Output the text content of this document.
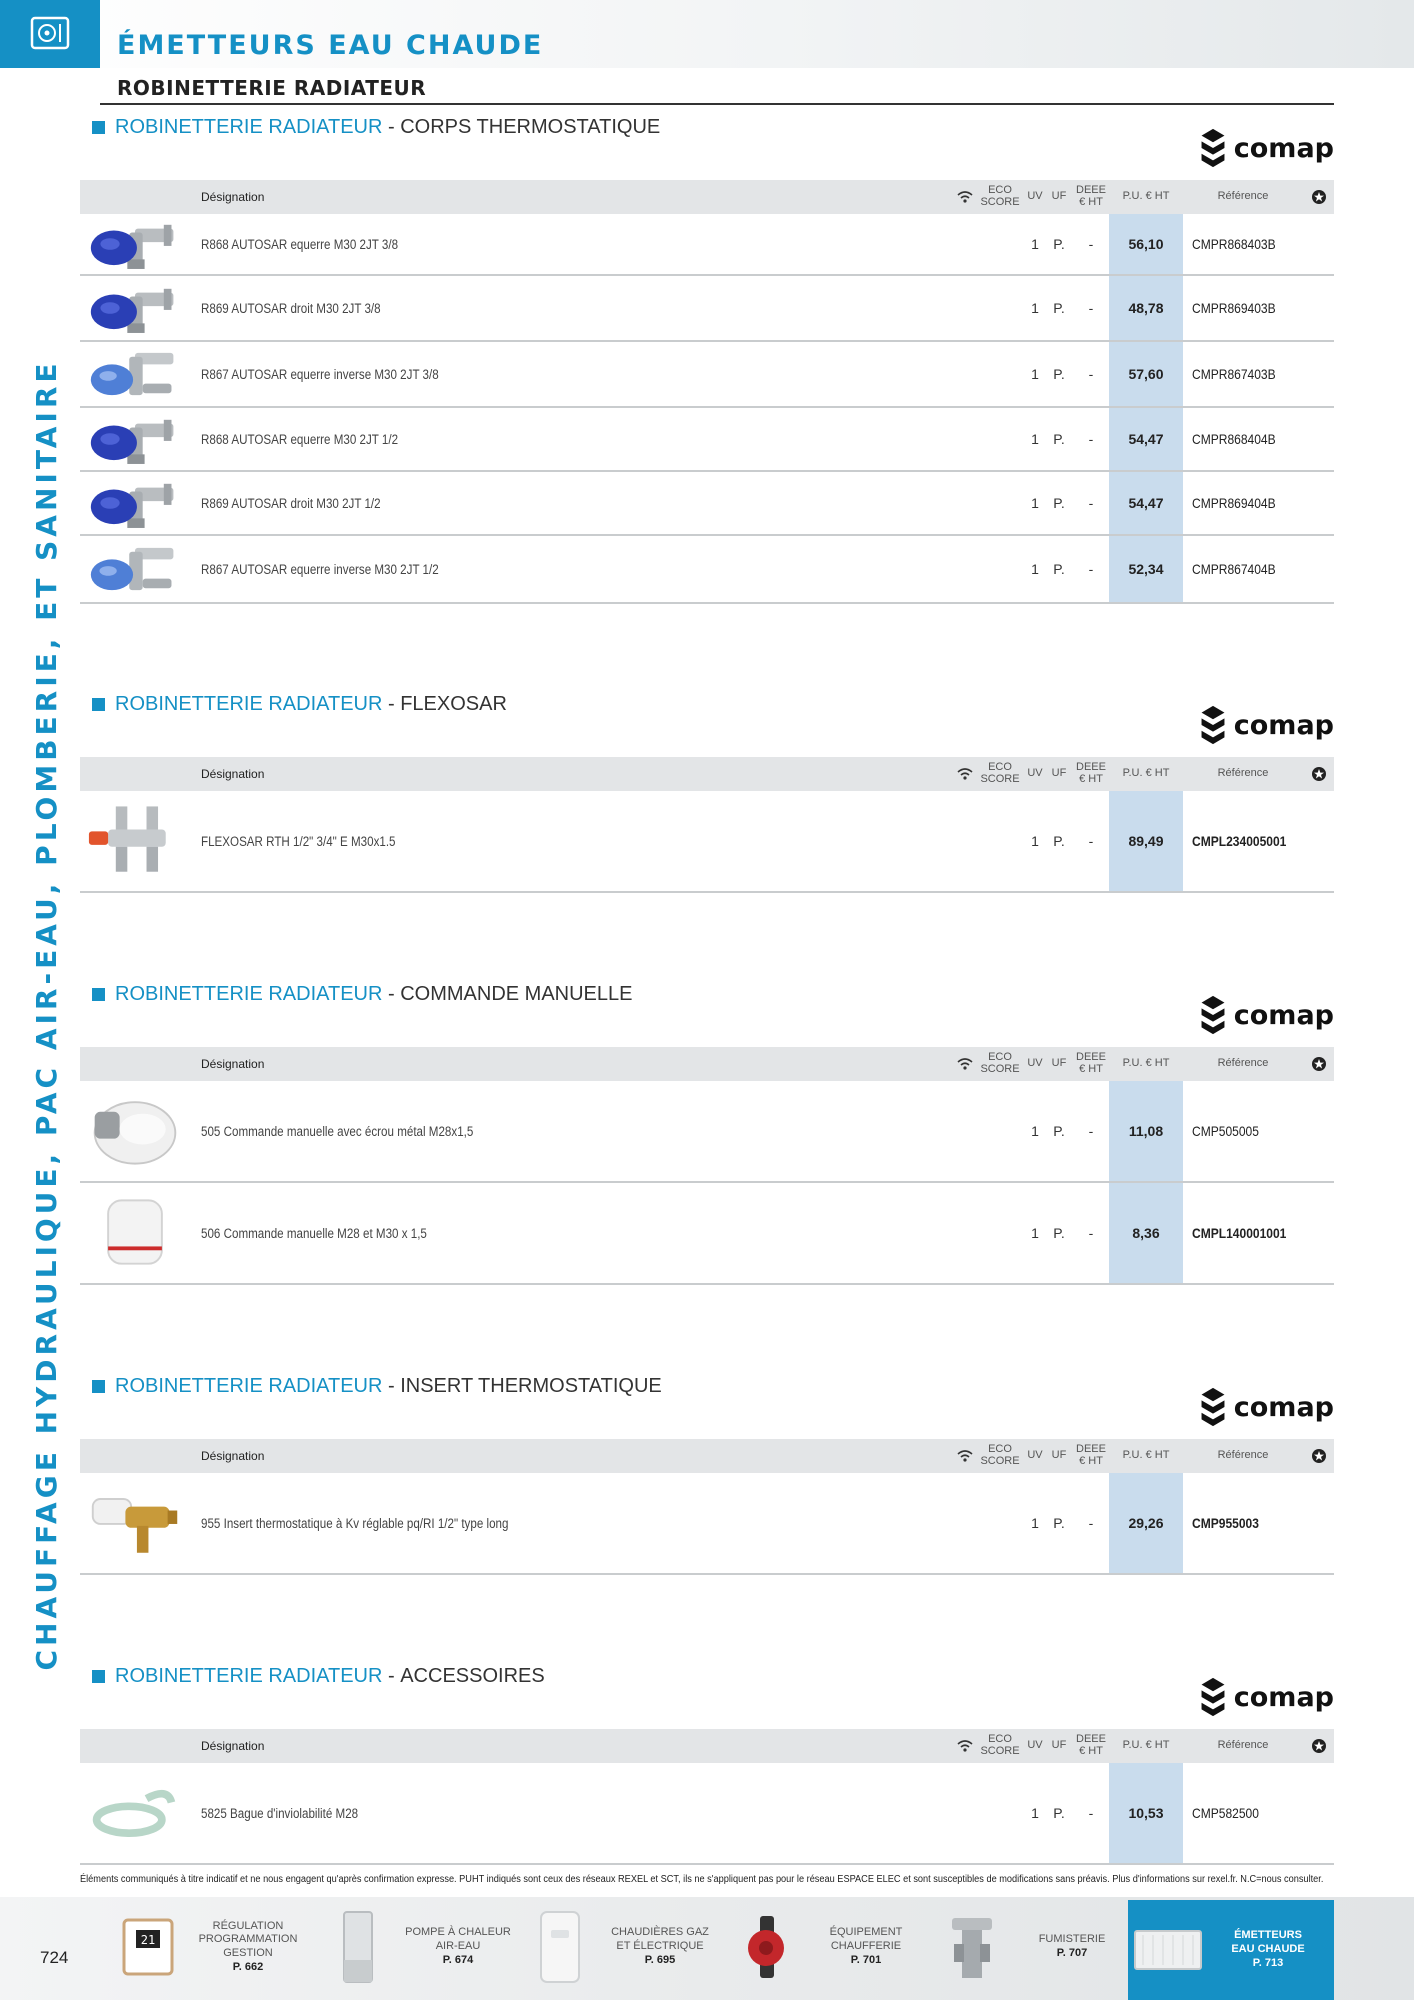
ÉMETTEURS EAU CHAUDE
ROBINETTERIE RADIATEUR
CHAUFFAGE HYDRAULIQUE, PAC AIR-EAU, PLOMBERIE, ET SANITAIRE
ROBINETTERIE RADIATEUR - CORPS THERMOSTATIQUE
comap
Désignation	ECO
SCORE UV UF DEEE
€ HT	P.U. € HT	Référence
R868 AUTOSAR equerre M30 2JT 3/8	1	P.	-	56,10	CMPR868403B
R869 AUTOSAR droit M30 2JT 3/8	1	P.	-	48,78	CMPR869403B
R867 AUTOSAR equerre inverse M30 2JT 3/8	1	P.	-	57,60	CMPR867403B
R868 AUTOSAR equerre M30 2JT 1/2	1	P.	-	54,47	CMPR868404B
R869 AUTOSAR droit M30 2JT 1/2	1	P.	-	54,47	CMPR869404B
R867 AUTOSAR equerre inverse M30 2JT 1/2	1	P.	-	52,34	CMPR867404B
ROBINETTERIE RADIATEUR - FLEXOSAR
comap
Désignation	ECO
SCORE UV UF DEEE
€ HT	P.U. € HT	Référence
FLEXOSAR RTH 1/2" 3/4" E M30x1.5	1	P.	-	89,49	CMPL234005001
ROBINETTERIE RADIATEUR - COMMANDE MANUELLE
comap
Désignation	ECO
SCORE UV UF DEEE
€ HT	P.U. € HT	Référence
505 Commande manuelle avec écrou métal M28x1,5	1	P.	-	11,08	CMP505005
506 Commande manuelle M28 et M30 x 1,5	1	P.	-	8,36	CMPL140001001
ROBINETTERIE RADIATEUR - INSERT THERMOSTATIQUE
comap
Désignation	ECO
SCORE UV UF DEEE
€ HT	P.U. € HT	Référence
955 Insert thermostatique à Kv réglable pq/RI 1/2" type long	1	P.	-	29,26	CMP955003
ROBINETTERIE RADIATEUR - ACCESSOIRES
comap
Désignation	ECO
SCORE UV UF DEEE
€ HT	P.U. € HT	Référence
5825 Bague d'inviolabilité M28	1	P.	-	10,53	CMP582500
Éléments communiqués à titre indicatif et ne nous engagent qu'après confirmation expresse. PUHT indiqués sont ceux des réseaux REXEL et SCT, ils ne s'appliquent pas pour le réseau ESPACE ELEC et sont susceptibles de modifications sans préavis. Plus d'informations sur rexel.fr. N.C=nous consulter.
724
21
RÉGULATION
PROGRAMMATION
GESTION
P. 662
POMPE À CHALEUR
AIR-EAU
P. 674
CHAUDIÈRES GAZ
ET ÉLECTRIQUE
P. 695
ÉQUIPEMENT
CHAUFFERIE
P. 701
FUMISTERIE
P. 707
ÉMETTEURS
EAU CHAUDE
P. 713
